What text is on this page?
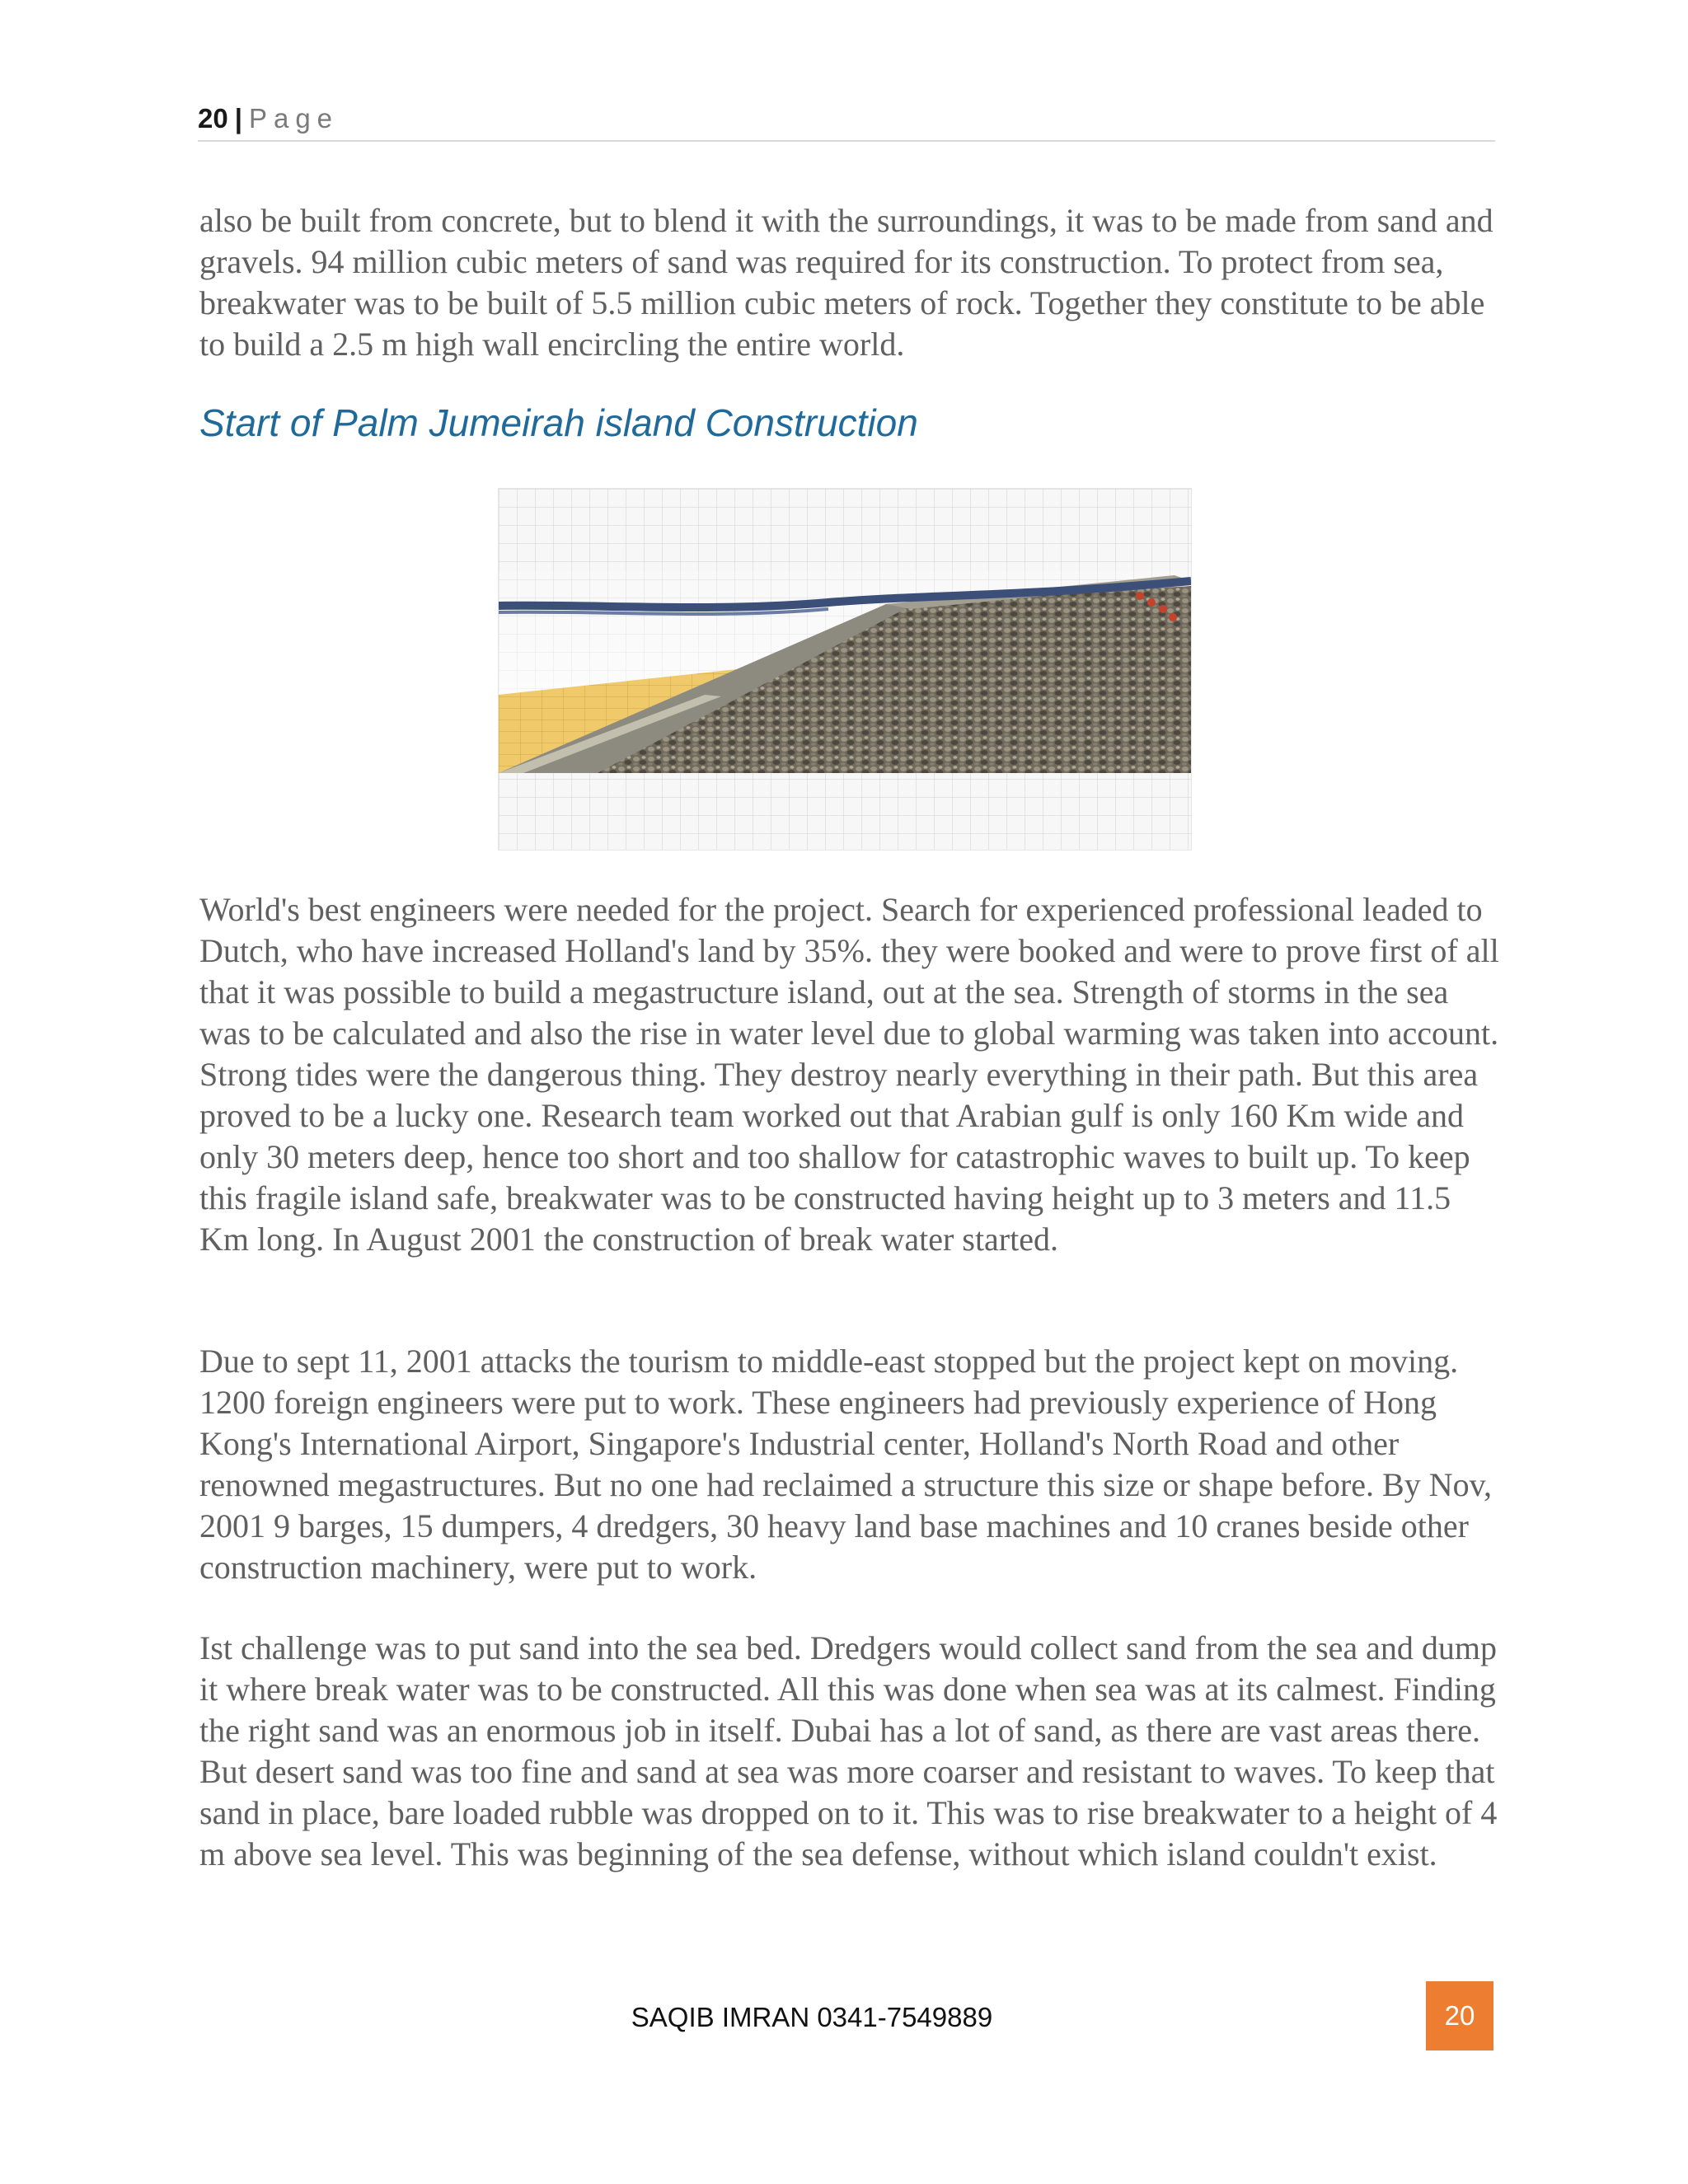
20 | Page

also be built from concrete, but to blend it with the surroundings, it was to be made from sand and gravels. 94 million cubic meters of sand was required for its construction. To protect from sea, breakwater was to be built of 5.5 million cubic meters of rock. Together they constitute to be able to build a 2.5 m high wall encircling the entire world.

Start of Palm Jumeirah island Construction

World's best engineers were needed for the project. Search for experienced professional leaded to Dutch, who have increased Holland's land by 35%. they were booked and were to prove first of all that it was possible to build a megastructure island, out at the sea. Strength of storms in the sea was to be calculated and also the rise in water level due to global warming was taken into account. Strong tides were the dangerous thing. They destroy nearly everything in their path. But this area proved to be a lucky one. Research team worked out that Arabian gulf is only 160 Km wide and only 30 meters deep, hence too short and too shallow for catastrophic waves to built up. To keep this fragile island safe, breakwater was to be constructed having height up to 3 meters and 11.5 Km long. In August 2001 the construction of break water started.

Due to sept 11, 2001 attacks the tourism to middle-east stopped but the project kept on moving. 1200 foreign engineers were put to work. These engineers had previously experience of Hong Kong's International Airport, Singapore's Industrial center, Holland's North Road and other renowned megastructures. But no one had reclaimed a structure this size or shape before. By Nov, 2001 9 barges, 15 dumpers, 4 dredgers, 30 heavy land base machines and 10 cranes beside other construction machinery, were put to work.

Ist challenge was to put sand into the sea bed. Dredgers would collect sand from the sea and dump it where break water was to be constructed. All this was done when sea was at its calmest. Finding the right sand was an enormous job in itself. Dubai has a lot of sand, as there are vast areas there. But desert sand was too fine and sand at sea was more coarser and resistant to waves. To keep that sand in place, bare loaded rubble was dropped on to it. This was to rise breakwater to a height of 4 m above sea level. This was beginning of the sea defense, without which island couldn't exist.

SAQIB IMRAN 0341-7549889	20
